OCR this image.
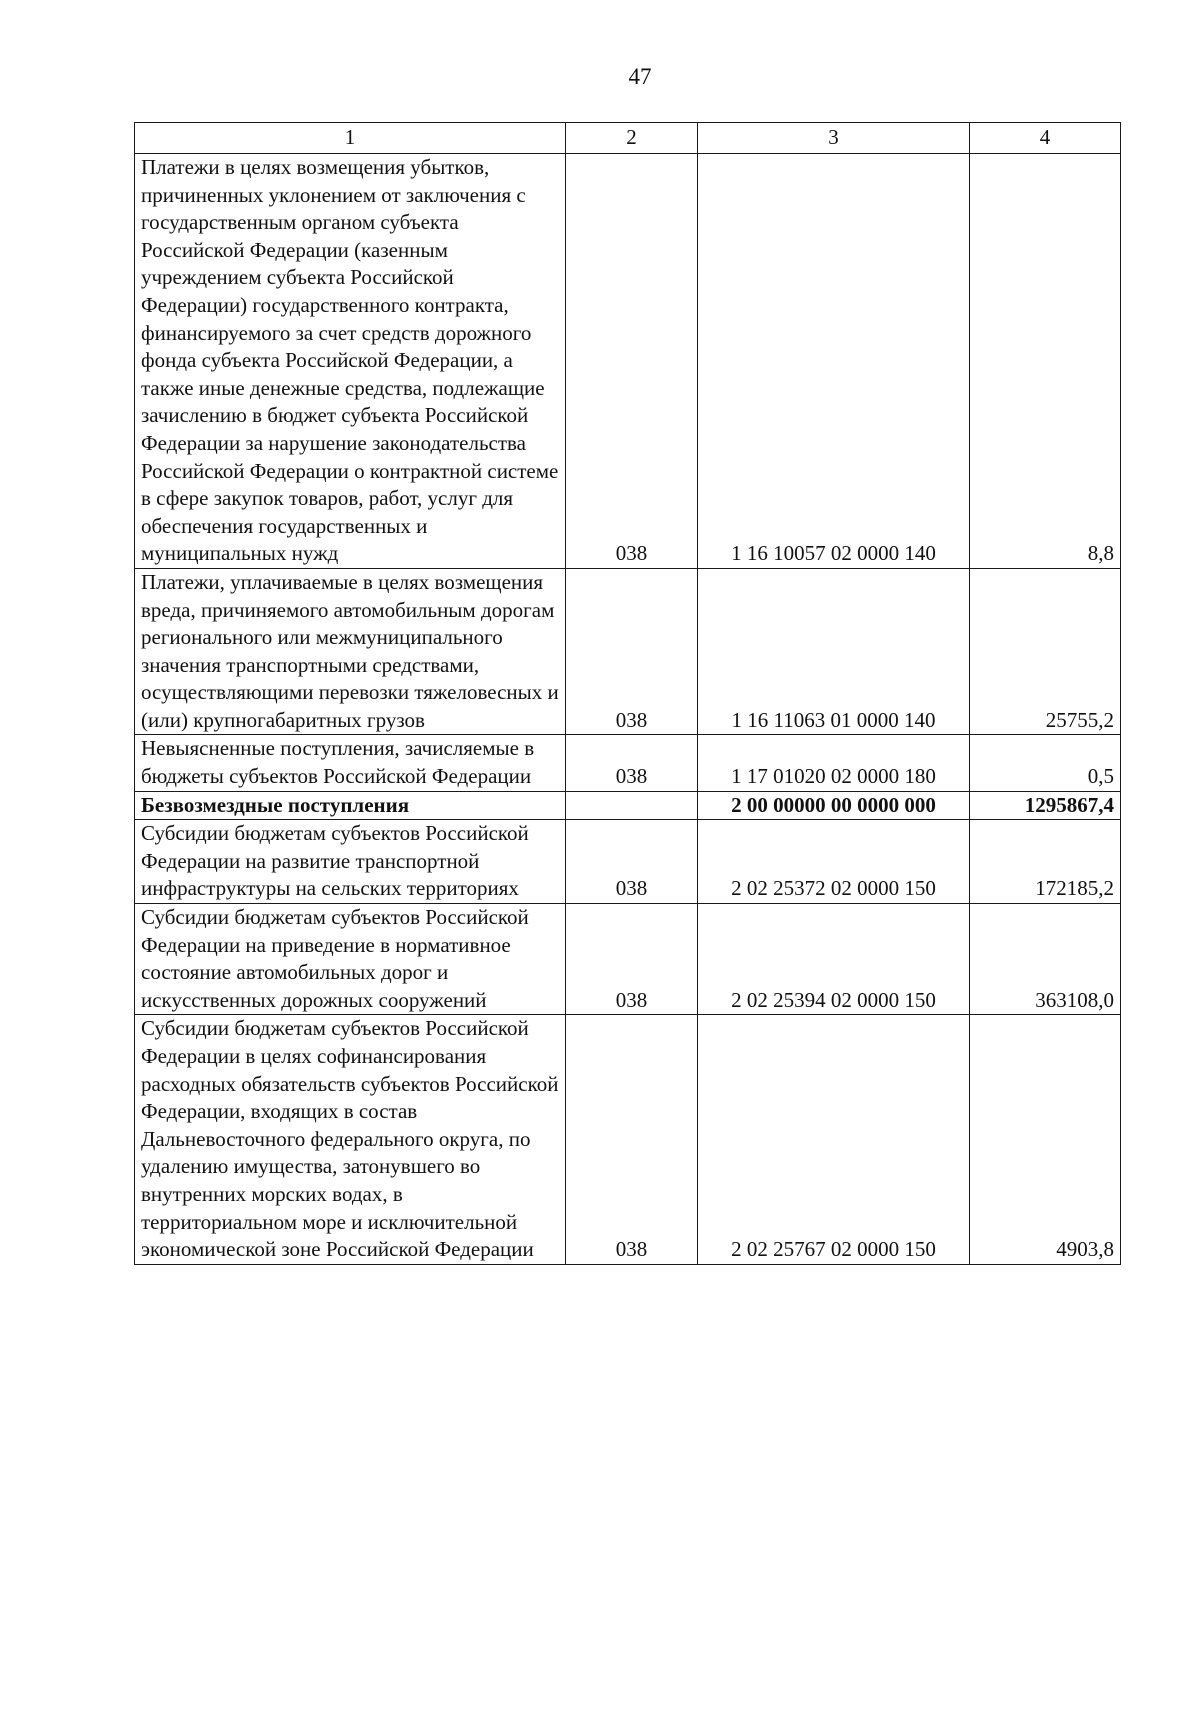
47
1	2	3	4
Платежи в целях возмещения убытков, причиненных уклонением от заключения с государственным органом субъекта Российской Федерации (казенным учреждением субъекта Российской Федерации) государственного контракта, финансируемого за счет средств дорожного фонда субъекта Российской Федерации, а также иные денежные средства, подлежащие зачислению в бюджет субъекта Российской Федерации за нарушение законодательства Российской Федерации о контрактной системе в сфере закупок товаров, работ, услуг для обеспечения государственных и муниципальных нужд	038	1 16 10057 02 0000 140	8,8
Платежи, уплачиваемые в целях возмещения вреда, причиняемого автомобильным дорогам регионального или межмуниципального значения транспортными средствами, осуществляющими перевозки тяжеловесных и (или) крупногабаритных грузов	038	1 16 11063 01 0000 140	25755,2
Невыясненные поступления, зачисляемые в бюджеты субъектов Российской Федерации	038	1 17 01020 02 0000 180	0,5
Безвозмездные поступления		2 00 00000 00 0000 000	1295867,4
Субсидии бюджетам субъектов Российской Федерации на развитие транспортной инфраструктуры на сельских территориях	038	2 02 25372 02 0000 150	172185,2
Субсидии бюджетам субъектов Российской Федерации на приведение в нормативное состояние автомобильных дорог и искусственных дорожных сооружений	038	2 02 25394 02 0000 150	363108,0
Субсидии бюджетам субъектов Российской Федерации в целях софинансирования расходных обязательств субъектов Российской Федерации, входящих в состав Дальневосточного федерального округа, по удалению имущества, затонувшего во внутренних морских водах, в территориальном море и исключительной экономической зоне Российской Федерации	038	2 02 25767 02 0000 150	4903,8
